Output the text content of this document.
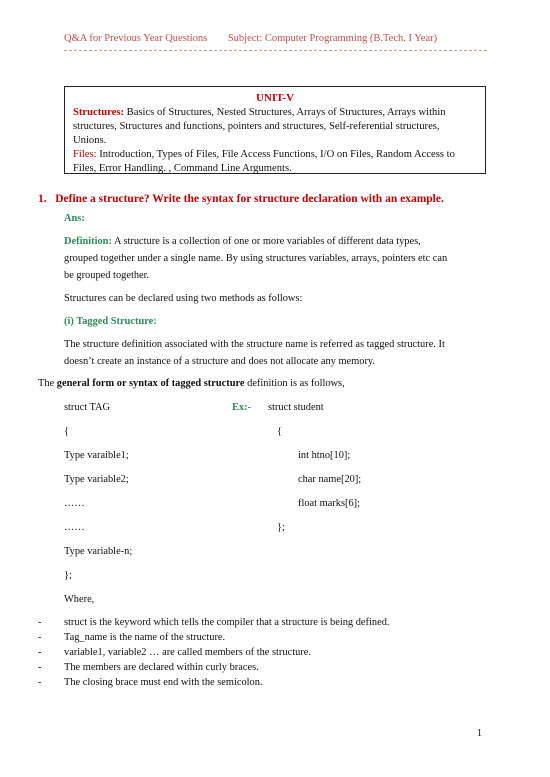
Q&A for Previous Year Questions Subject: Computer Programming (B.Tech. I Year)
UNIT-V
Structures: Basics of Structures, Nested Structures, Arrays of Structures, Arrays within
structures, Structures and functions, pointers and structures, Self-referential structures,
Unions.
Files: Introduction, Types of Files, File Access Functions, I/O on Files, Random Access to
Files, Error Handling. , Command Line Arguments.
1. Define a structure? Write the syntax for structure declaration with an example.
Ans:
Definition: A structure is a collection of one or more variables of different data types,
grouped together under a single name. By using structures variables, arrays, pointers etc can
be grouped together.
Structures can be declared using two methods as follows:
(i) Tagged Structure:
The structure definition associated with the structure name is referred as tagged structure. It
doesn’t create an instance of a structure and does not allocate any memory.
The general form or syntax of tagged structure definition is as follows,
struct TAG
{
Type varaible1;
Type variable2;
……
……
Type variable-n;
};
Ex:- struct student
{
int htno[10];
char name[20];
float marks[6];
};
Where,
- struct is the keyword which tells the compiler that a structure is being defined.
- Tag_name is the name of the structure.
- variable1, variable2 … are called members of the structure.
- The members are declared within curly braces.
- The closing brace must end with the semicolon.
1
